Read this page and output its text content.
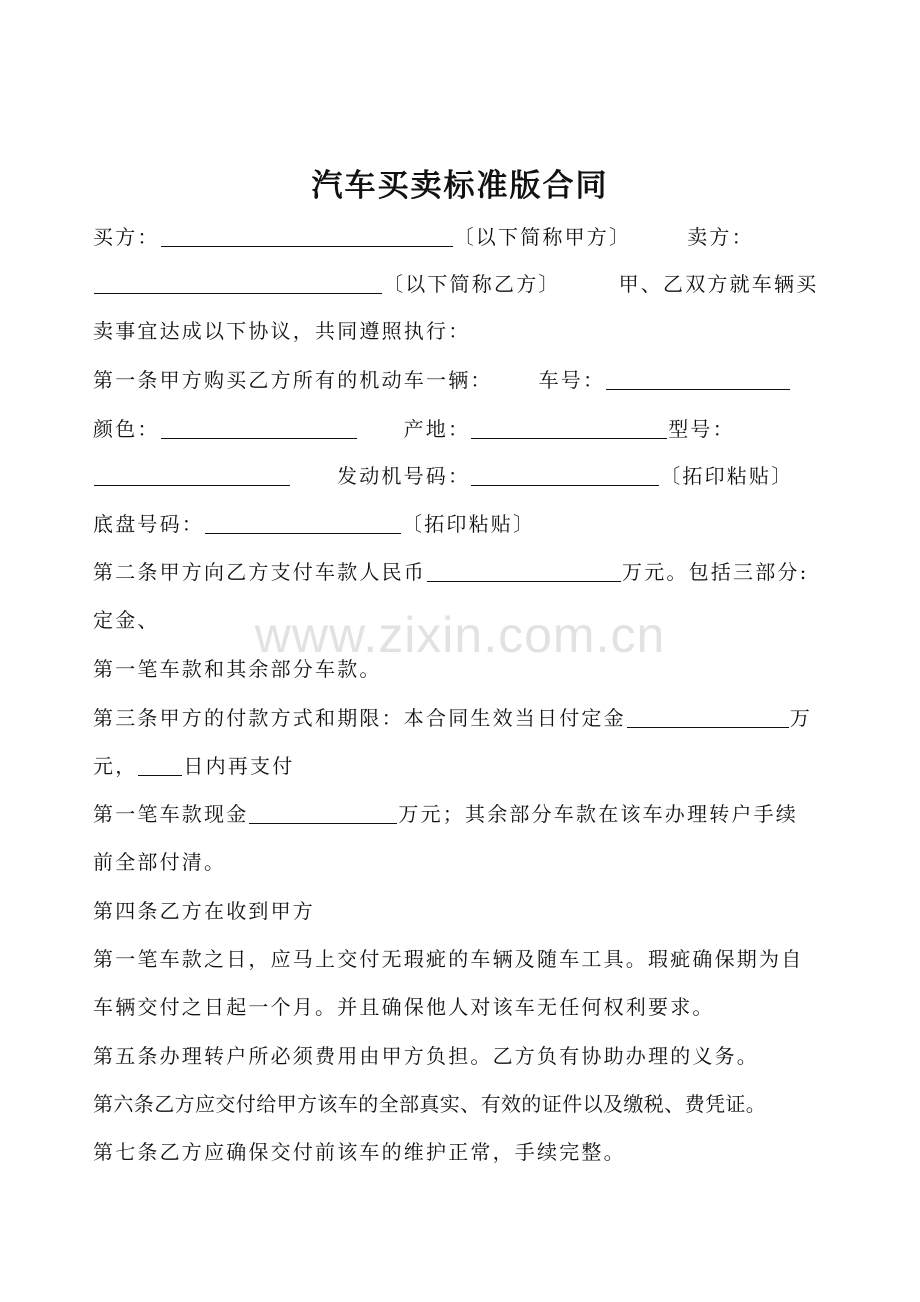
www.zixin.com.cn
汽车买卖标准版合同
买方：	〔以下简称甲方〕	卖方：
〔以下简称乙方〕	甲、乙双方就车辆买
卖事宜达成以下协议，共同遵照执行：
第一条甲方购买乙方所有的机动车一辆： 车号：
颜色：	产地：	型号：
发动机号码：	〔拓印粘贴〕
底盘号码：	〔拓印粘贴〕
第二条甲方向乙方支付车款人民币	万元。包括三部分:
定金、
第一笔车款和其余部分车款。
第三条甲方的付款方式和期限：本合同生效当日付定金	万
元， 日内再支付
第一笔车款现金	万元；其余部分车款在该车办理转户手续
前全部付清。
第四条乙方在收到甲方
第一笔车款之日，应马上交付无瑕疵的车辆及随车工具。瑕疵确保期为自
车辆交付之日起一个月。并且确保他人对该车无任何权利要求。
第五条办理转户所必须费用由甲方负担。乙方负有协助办理的义务。
第六条乙方应交付给甲方该车的全部真实、有效的证件以及缴税、费凭证。
第七条乙方应确保交付前该车的维护正常，手续完整。
